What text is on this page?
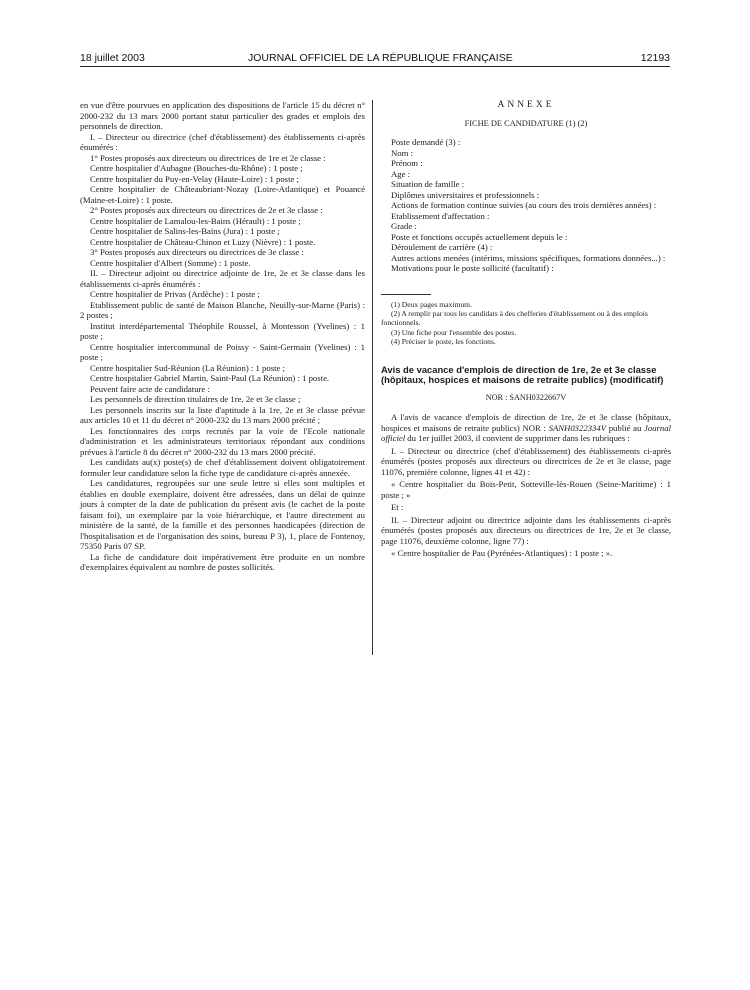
18 juillet 2003	JOURNAL OFFICIEL DE LA RÉPUBLIQUE FRANÇAISE	12193

en vue d'être pourvues en application des dispositions de l'article 15 du décret n° 2000-232 du 13 mars 2000 portant statut particulier des grades et emplois des personnels de direction.

I. – Directeur ou directrice (chef d'établissement) des établissements ci-après énumérés :

1° Postes proposés aux directeurs ou directrices de 1re et 2e classe :

Centre hospitalier d'Aubagne (Bouches-du-Rhône) : 1 poste ;

Centre hospitalier du Puy-en-Velay (Haute-Loire) : 1 poste ;

Centre hospitalier de Châteaubriant-Nozay (Loire-Atlantique) et Pouancé (Maine-et-Loire) : 1 poste.

2° Postes proposés aux directeurs ou directrices de 2e et 3e classe :

Centre hospitalier de Lamalou-les-Bains (Hérault) : 1 poste ;

Centre hospitalier de Salins-les-Bains (Jura) : 1 poste ;

Centre hospitalier de Château-Chinon et Luzy (Nièvre) : 1 poste.

3° Postes proposés aux directeurs ou directrices de 3e classe :

Centre hospitalier d'Albert (Somme) : 1 poste.

II. – Directeur adjoint ou directrice adjointe de 1re, 2e et 3e classe dans les établissements ci-après énumérés :

Centre hospitalier de Privas (Ardèche) : 1 poste ;

Etablissement public de santé de Maison Blanche, Neuilly-sur-Marne (Paris) : 2 postes ;

Institut interdépartemental Théophile Roussel, à Montesson (Yvelines) : 1 poste ;

Centre hospitalier intercommunal de Poissy - Saint-Germain (Yvelines) : 1 poste ;

Centre hospitalier Sud-Réunion (La Réunion) : 1 poste ;

Centre hospitalier Gabriel Martin, Saint-Paul (La Réunion) : 1 poste.

Peuvent faire acte de candidature :

Les personnels de direction titulaires de 1re, 2e et 3e classe ;

Les personnels inscrits sur la liste d'aptitude à la 1re, 2e et 3e classe prévue aux articles 10 et 11 du décret n° 2000-232 du 13 mars 2000 précité ;

Les fonctionnaires des corps recrutés par la voie de l'Ecole nationale d'administration et les administrateurs territoriaux répondant aux conditions prévues à l'article 8 du décret n° 2000-232 du 13 mars 2000 précité.

Les candidats au(x) poste(s) de chef d'établissement doivent obligatoirement formuler leur candidature selon la fiche type de candidature ci-après annexée.

Les candidatures, regroupées sur une seule lettre si elles sont multiples et établies en double exemplaire, doivent être adressées, dans un délai de quinze jours à compter de la date de publication du présent avis (le cachet de la poste faisant foi), un exemplaire par la voie hiérarchique, et l'autre directement au ministère de la santé, de la famille et des personnes handicapées (direction de l'hospitalisation et de l'organisation des soins, bureau P 3), 1, place de Fontenoy, 75350 Paris 07 SP.

La fiche de candidature doit impérativement être produite en un nombre d'exemplaires équivalent au nombre de postes sollicités.

ANNEXE

FICHE DE CANDIDATURE (1) (2)

Poste demandé (3) :

Nom :

Prénom :

Age :

Situation de famille :

Diplômes universitaires et professionnels :

Actions de formation continue suivies (au cours des trois dernières années) :

Etablissement d'affectation :

Grade :

Poste et fonctions occupés actuellement depuis le :

Déroulement de carrière (4) :

Autres actions menées (intérims, missions spécifiques, formations données...) :

Motivations pour le poste sollicité (facultatif) :

(1) Deux pages maximum.

(2) A remplir par tous les candidats à des chefferies d'établissement ou à des emplois fonctionnels.

(3) Une fiche pour l'ensemble des postes.

(4) Préciser le poste, les fonctions.

Avis de vacance d'emplois de direction de 1re, 2e et 3e classe (hôpitaux, hospices et maisons de retraite publics) (modificatif)

NOR : SANH0322667V

A l'avis de vacance d'emplois de direction de 1re, 2e et 3e classe (hôpitaux, hospices et maisons de retraite publics) NOR : SANH0322334V publié au Journal officiel du 1er juillet 2003, il convient de supprimer dans les rubriques :

I. – Directeur ou directrice (chef d'établissement) des établissements ci-après énumérés (postes proposés aux directeurs ou directrices de 2e et 3e classe, page 11076, première colonne, lignes 41 et 42) :

« Centre hospitalier du Bois-Petit, Sotteville-lès-Rouen (Seine-Maritime) : 1 poste ; »

Et :

II. – Directeur adjoint ou directrice adjointe dans les établissements ci-après énumérés (postes proposés aux directeurs ou directrices de 1re, 2e et 3e classe, page 11076, deuxième colonne, ligne 77) :

« Centre hospitalier de Pau (Pyrénées-Atlantiques) : 1 poste ; ».
